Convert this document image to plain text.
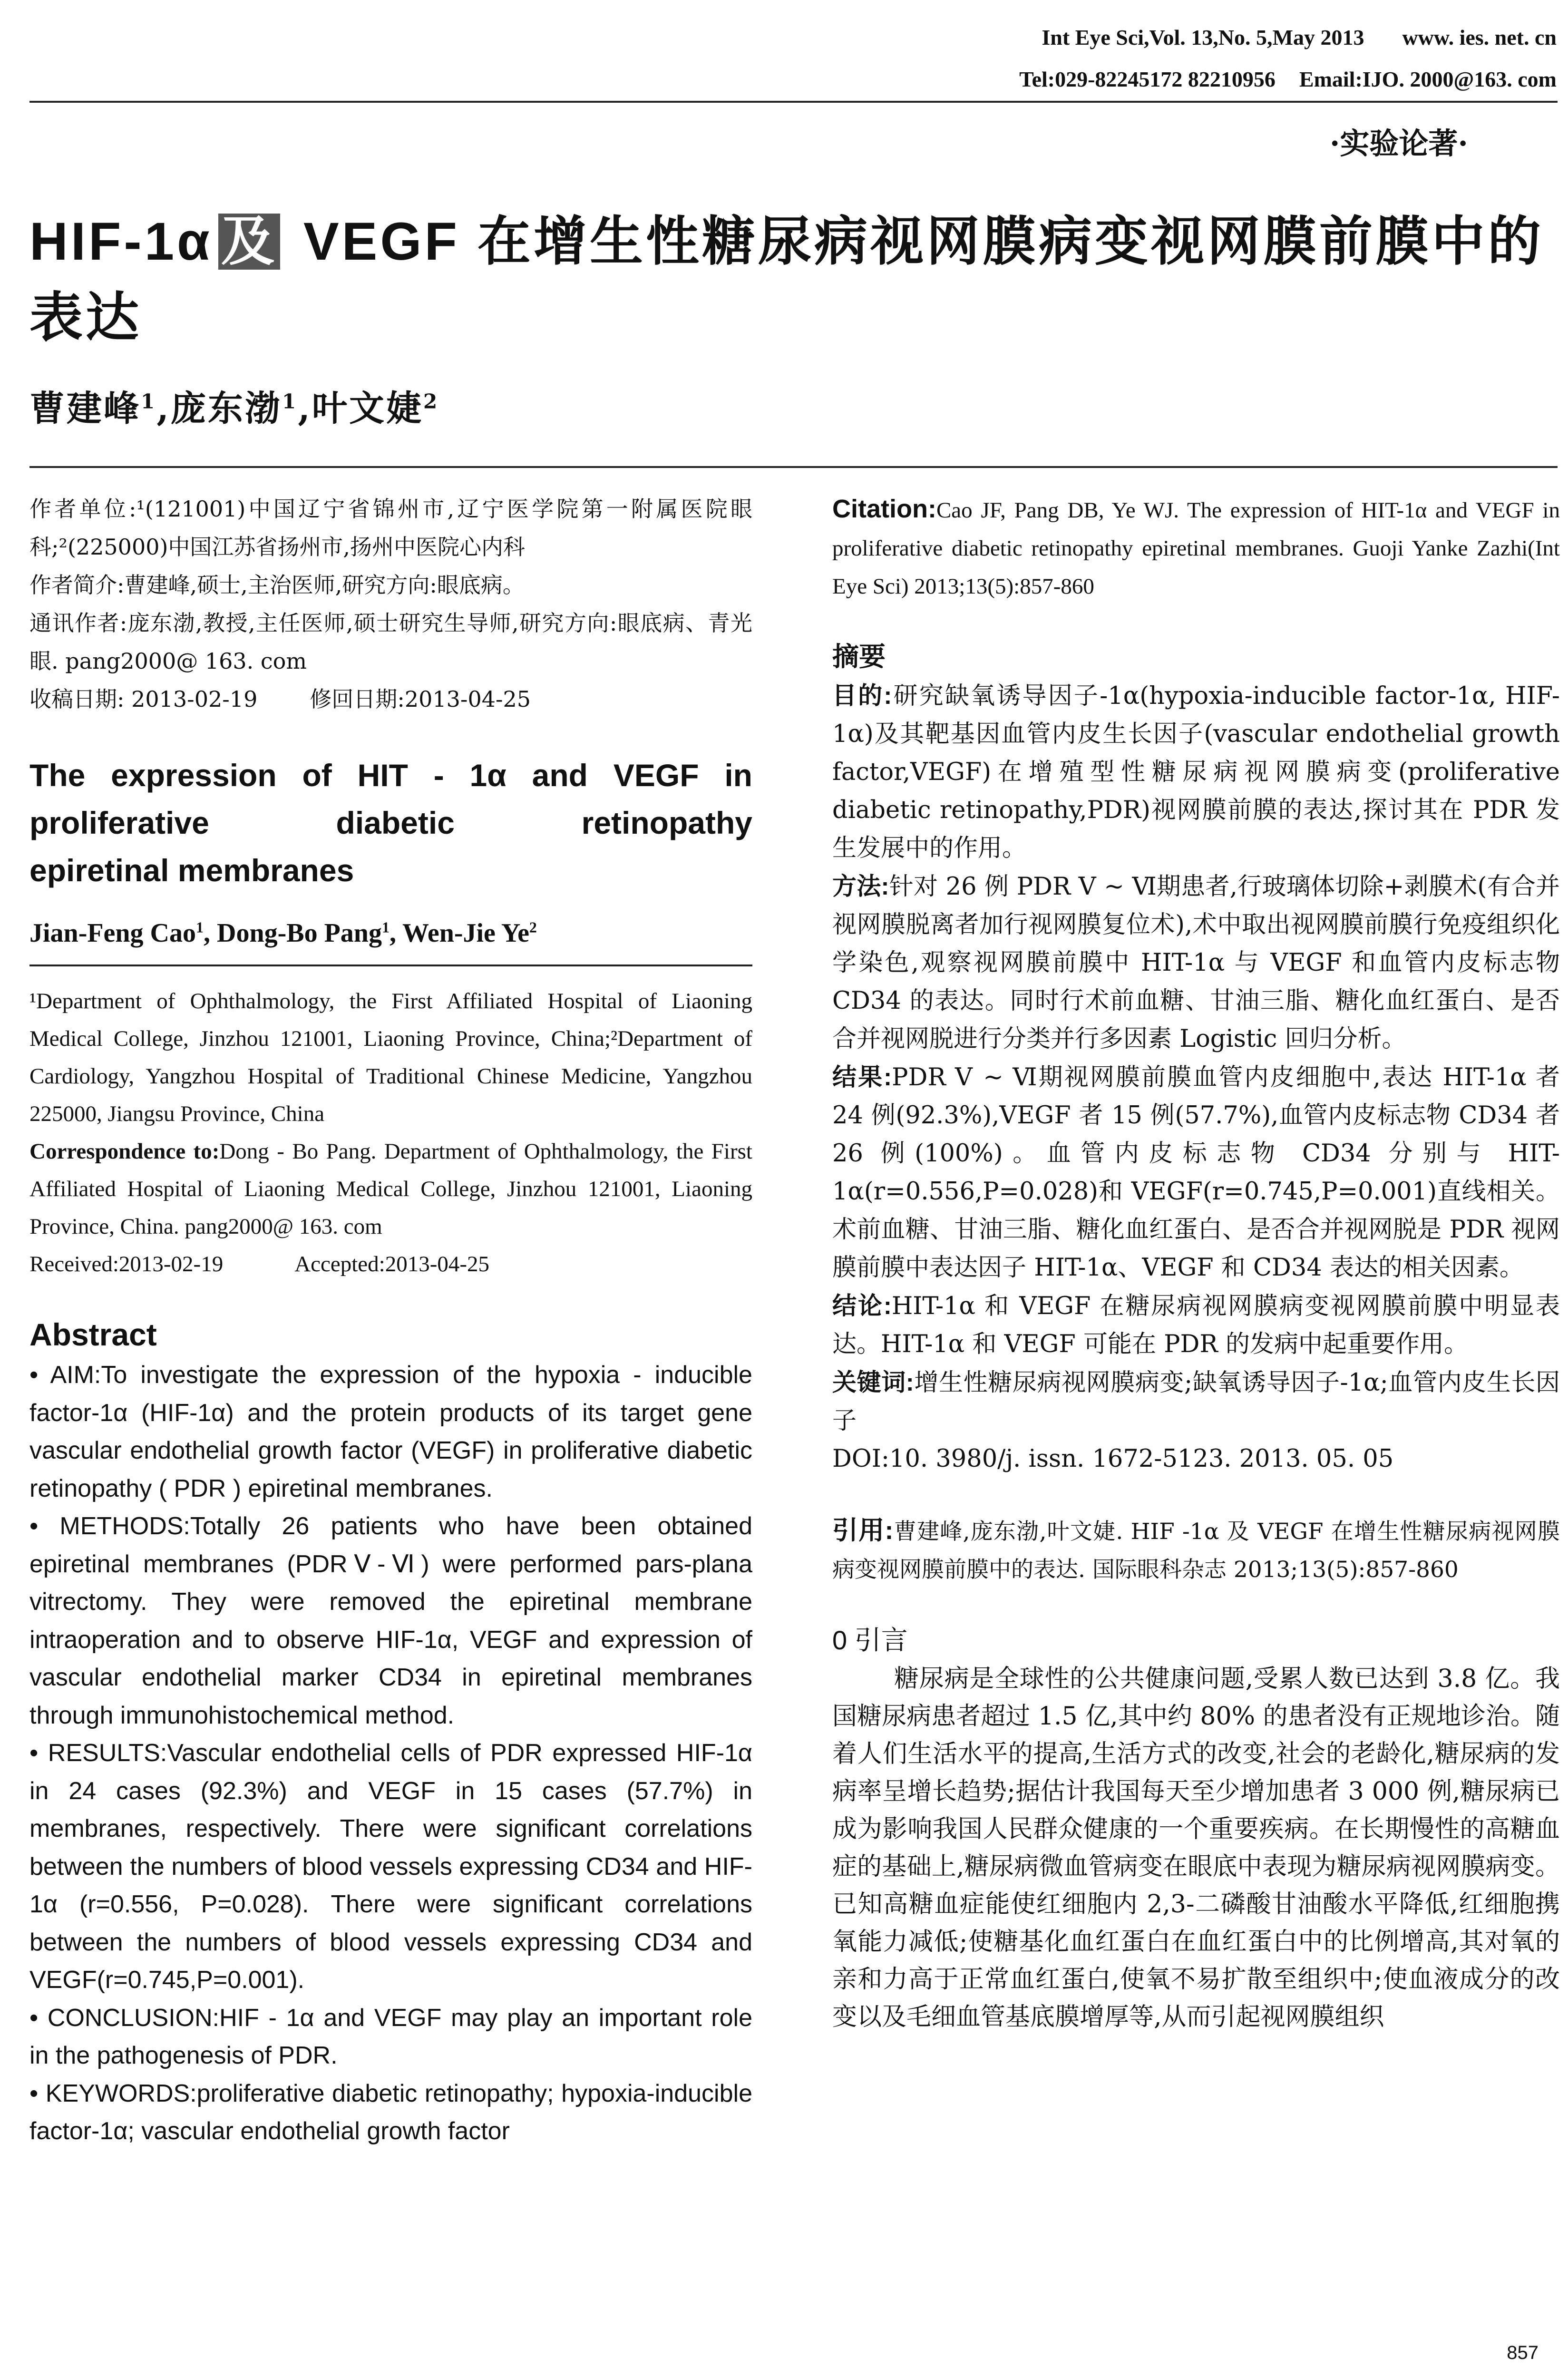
Int Eye Sci,Vol. 13,No. 5,May 2013 www. ies. net. cn
Tel:029-82245172 82210956 Email:IJO. 2000@163. com
·实验论著·
HIF-1α 及 VEGF 在增生性糖尿病视网膜病变视网膜前膜中的表达
曹建峰$^1$,庞东渤$^1$,叶文婕$^2$

作者单位:¹(121001)中国辽宁省锦州市,辽宁医学院第一附属医院眼科;²(225000)中国江苏省扬州市,扬州中医院心内科

作者简介:曹建峰,硕士,主治医师,研究方向:眼底病。

通讯作者:庞东渤,教授,主任医师,硕士研究生导师,研究方向:眼底病、青光眼. pang2000@ 163. com

收稿日期: 2013-02-19 修回日期:2013-04-25

The expression of HIT - 1α and VEGF in proliferative diabetic retinopathy
epiretinal membranes
Jian-Feng Cao$^1$, Dong-Bo Pang$^1$, Wen-Jie Ye$^2$

¹Department of Ophthalmology, the First Affiliated Hospital of Liaoning Medical College, Jinzhou 121001, Liaoning Province, China;²Department of Cardiology, Yangzhou Hospital of Traditional Chinese Medicine, Yangzhou 225000, Jiangsu Province, China

Correspondence to:Dong - Bo Pang. Department of Ophthalmology, the First Affiliated Hospital of Liaoning Medical College, Jinzhou 121001, Liaoning Province, China. pang2000@ 163. com

Received:2013-02-19	Accepted:2013-04-25

Abstract

• AIM:To investigate the expression of the hypoxia - inducible factor-1α (HIF-1α) and the protein products of its target gene vascular endothelial growth factor (VEGF) in proliferative diabetic retinopathy ( PDR ) epiretinal membranes.

• METHODS:Totally 26 patients who have been obtained epiretinal membranes (PDRⅤ-Ⅵ) were performed pars-plana vitrectomy. They were removed the epiretinal membrane intraoperation and to observe HIF-1α, VEGF and expression of vascular endothelial marker CD34 in epiretinal membranes through immunohistochemical method.

• RESULTS:Vascular endothelial cells of PDR expressed HIF-1α in 24 cases (92.3%) and VEGF in 15 cases (57.7%) in membranes, respectively. There were significant correlations between the numbers of blood vessels expressing CD34 and HIF-1α (r=0.556, P=0.028). There were significant correlations between the numbers of blood vessels expressing CD34 and VEGF(r=0.745,P=0.001).

• CONCLUSION:HIF - 1α and VEGF may play an important role in the pathogenesis of PDR.

• KEYWORDS:proliferative diabetic retinopathy; hypoxia-inducible factor-1α; vascular endothelial growth factor

Citation:Cao JF, Pang DB, Ye WJ. The expression of HIT-1α and VEGF in proliferative diabetic retinopathy epiretinal membranes. Guoji Yanke Zazhi(Int Eye Sci) 2013;13(5):857-860

摘要

目的:研究缺氧诱导因子-1α(hypoxia-inducible factor-1α, HIF-1α)及其靶基因血管内皮生长因子(vascular endothelial growth factor,VEGF)在增殖型性糖尿病视网膜病变(proliferative diabetic retinopathy,PDR)视网膜前膜的表达,探讨其在 PDR 发生发展中的作用。

方法:针对 26 例 PDR Ⅴ ~ Ⅵ期患者,行玻璃体切除+剥膜术(有合并视网膜脱离者加行视网膜复位术),术中取出视网膜前膜行免疫组织化学染色,观察视网膜前膜中 HIT-1α 与 VEGF 和血管内皮标志物 CD34 的表达。同时行术前血糖、甘油三脂、糖化血红蛋白、是否合并视网脱进行分类并行多因素 Logistic 回归分析。

结果:PDR Ⅴ ~ Ⅵ期视网膜前膜血管内皮细胞中,表达 HIT-1α 者 24 例(92.3%),VEGF 者 15 例(57.7%),血管内皮标志物 CD34 者 26 例(100%)。血管内皮标志物 CD34 分别与 HIT-1α(r=0.556,P=0.028)和 VEGF(r=0.745,P=0.001)直线相关。术前血糖、甘油三脂、糖化血红蛋白、是否合并视网脱是 PDR 视网膜前膜中表达因子 HIT-1α、VEGF 和 CD34 表达的相关因素。

结论:HIT-1α 和 VEGF 在糖尿病视网膜病变视网膜前膜中明显表达。HIT-1α 和 VEGF 可能在 PDR 的发病中起重要作用。

关键词:增生性糖尿病视网膜病变;缺氧诱导因子-1α;血管内皮生长因子

DOI:10. 3980/j. issn. 1672-5123. 2013. 05. 05

引用:曹建峰,庞东渤,叶文婕. HIF -1α 及 VEGF 在增生性糖尿病视网膜病变视网膜前膜中的表达. 国际眼科杂志 2013;13(5):857-860

0 引言

糖尿病是全球性的公共健康问题,受累人数已达到 3.8 亿。我国糖尿病患者超过 1.5 亿,其中约 80% 的患者没有正规地诊治。随着人们生活水平的提高,生活方式的改变,社会的老龄化,糖尿病的发病率呈增长趋势;据估计我国每天至少增加患者 3 000 例,糖尿病已成为影响我国人民群众健康的一个重要疾病。在长期慢性的高糖血症的基础上,糖尿病微血管病变在眼底中表现为糖尿病视网膜病变。已知高糖血症能使红细胞内 2,3-二磷酸甘油酸水平降低,红细胞携氧能力减低;使糖基化血红蛋白在血红蛋白中的比例增高,其对氧的亲和力高于正常血红蛋白,使氧不易扩散至组织中;使血液成分的改变以及毛细血管基底膜增厚等,从而引起视网膜组织

857
